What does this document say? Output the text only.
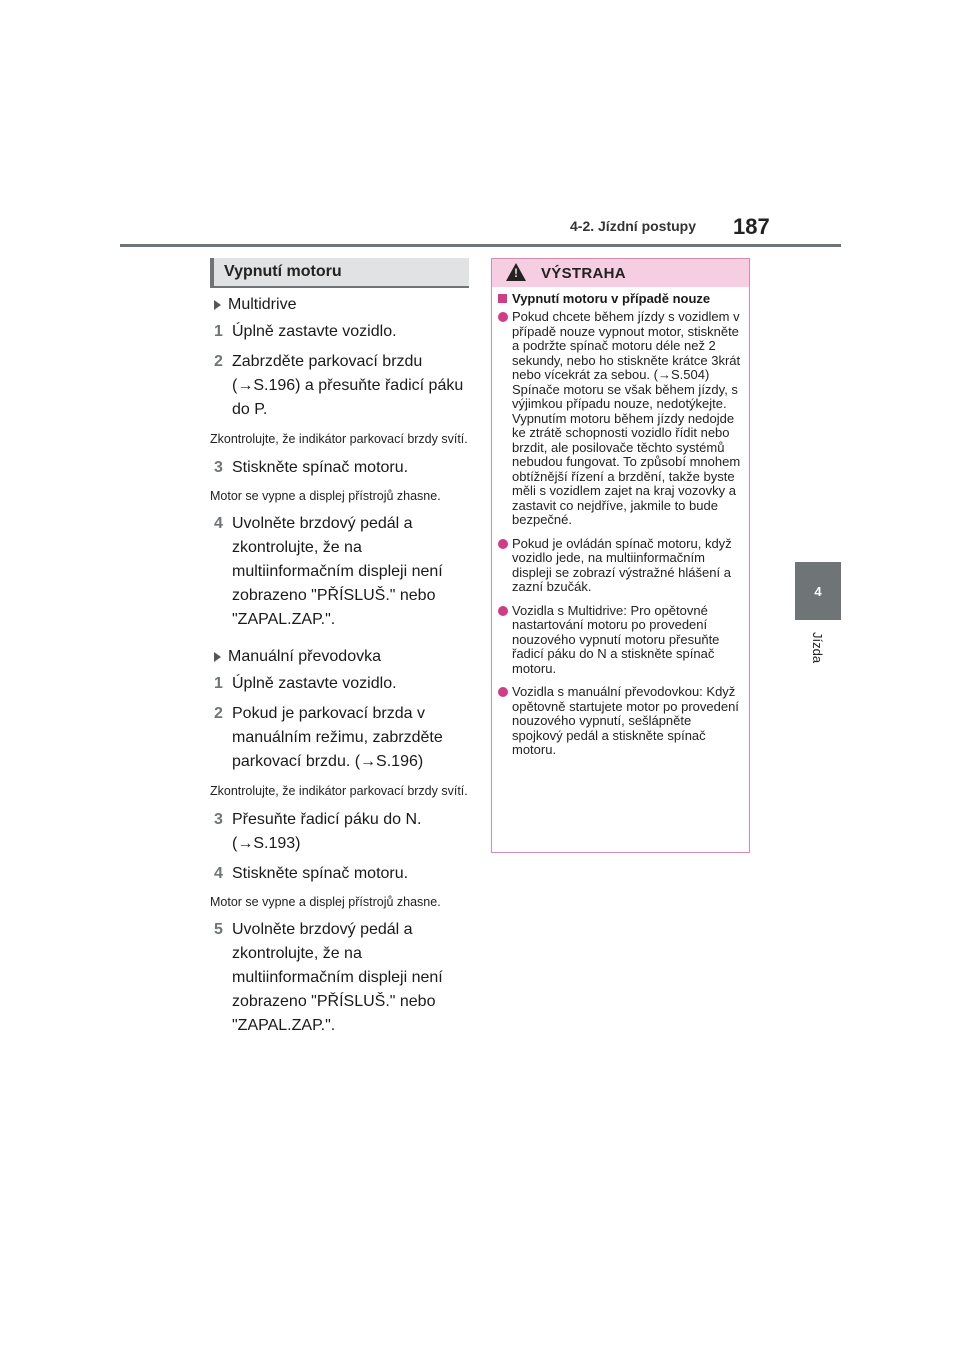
4-2. Jízdní postupy 187
4
Jízda
Vypnutí motoru
Multidrive
1 Úplně zastavte vozidlo.
2 Zabrzděte parkovací brzdu (→S.196) a přesuňte řadicí páku do P.
Zkontrolujte, že indikátor parkovací brzdy svítí.
3 Stiskněte spínač motoru.
Motor se vypne a displej přístrojů zhasne.
4 Uvolněte brzdový pedál a zkontrolujte, že na multiinformačním displeji není zobrazeno "PŘÍSLUŠ." nebo "ZAPAL.ZAP.".
Manuální převodovka
1 Úplně zastavte vozidlo.
2 Pokud je parkovací brzda v manuálním režimu, zabrzděte parkovací brzdu. (→S.196)
Zkontrolujte, že indikátor parkovací brzdy svítí.
3 Přesuňte řadicí páku do N. (→S.193)
4 Stiskněte spínač motoru.
Motor se vypne a displej přístrojů zhasne.
5 Uvolněte brzdový pedál a zkontrolujte, že na multiinformačním displeji není zobrazeno "PŘÍSLUŠ." nebo "ZAPAL.ZAP.".
!
VÝSTRAHA
Vypnutí motoru v případě nouze
Pokud chcete během jízdy s vozidlem v případě nouze vypnout motor, stiskněte a podržte spínač motoru déle než 2 sekundy, nebo ho stiskněte krátce 3krát nebo vícekrát za sebou. (→S.504)
Spínače motoru se však během jízdy, s výjimkou případu nouze, nedotýkejte. Vypnutím motoru během jízdy nedojde ke ztrátě schopnosti vozidlo řídit nebo brzdit, ale posilovače těchto systémů nebudou fungovat. To způsobí mnohem obtížnější řízení a brzdění, takže byste měli s vozidlem zajet na kraj vozovky a zastavit co nejdříve, jakmile to bude bezpečné.
Pokud je ovládán spínač motoru, když vozidlo jede, na multiinformačním displeji se zobrazí výstražné hlášení a zazní bzučák.
Vozidla s Multidrive: Pro opětovné nastartování motoru po provedení nouzového vypnutí motoru přesuňte řadicí páku do N a stiskněte spínač motoru.
Vozidla s manuální převodovkou: Když opětovně startujete motor po provedení nouzového vypnutí, sešlápněte spojkový pedál a stiskněte spínač motoru.
